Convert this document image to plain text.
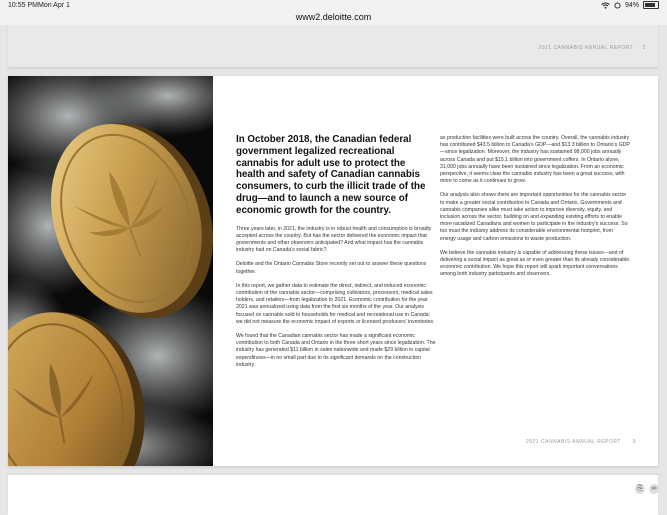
10:55 PM Mon Apr 1	94%
www2.deloitte.com
2021 CANNABIS ANNUAL REPORT 2

In October 2018, the Canadian federal government legalized recreational cannabis for adult use to protect the health and safety of Canadian cannabis consumers, to curb the illicit trade of the drug—and to launch a new source of economic growth for the country.

Three years later, in 2021, the industry is in robust health and consumption is broadly accepted across the country. But has the sector delivered the economic impact that governments and other observers anticipated? And what impact has the cannabis industry had on Canada’s social fabric?

Deloitte and the Ontario Cannabis Store recently set out to answer these questions together.

In this report, we gather data to estimate the direct, indirect, and induced economic contribution of the cannabis sector—comprising cultivators, processors, medical sales holders, and retailers—from legalization to 2021. Economic contribution for the year 2021 was annualized using data from the first six months of the year. Our analysis focused on cannabis sold to households for medical and recreational use in Canada; we did not measure the economic impact of exports or licensed producers’ inventories.

We found that the Canadian cannabis sector has made a significant economic contribution to both Canada and Ontario in the three short years since legalization. The industry has generated $11 billion in sales nationwide and made $29 billion in capital expenditures—in no small part due to its significant demands on the construction industry

as production facilities were built across the country. Overall, the cannabis industry has contributed $43.5 billion to Canada’s GDP—and $13.3 billion to Ontario’s GDP—since legalization. Moreover, the industry has sustained 98,000 jobs annually across Canada and put $15.1 billion into government coffers. In Ontario alone, 31,000 jobs annually have been sustained since legalization. From an economic perspective, it seems clear the cannabis industry has been a great success, with more to come as it continues to grow.

Our analysis also shows there are important opportunities for the cannabis sector to make a greater social contribution to Canada and Ontario. Governments and cannabis companies alike must take action to improve diversity, equity, and inclusion across the sector, building on and expanding existing efforts to enable more racialized Canadians and women to participate in the industry’s success. So too must the industry address its considerable environmental footprint, from energy usage and carbon emissions to waste production.

We believe the cannabis industry is capable of addressing these issues—and of delivering a social impact as great as or even greater than its already considerable economic contribution. We hope this report will spark important conversations among both industry participants and observers.

2021 CANNABIS ANNUAL REPORT 3
⎘	∞
